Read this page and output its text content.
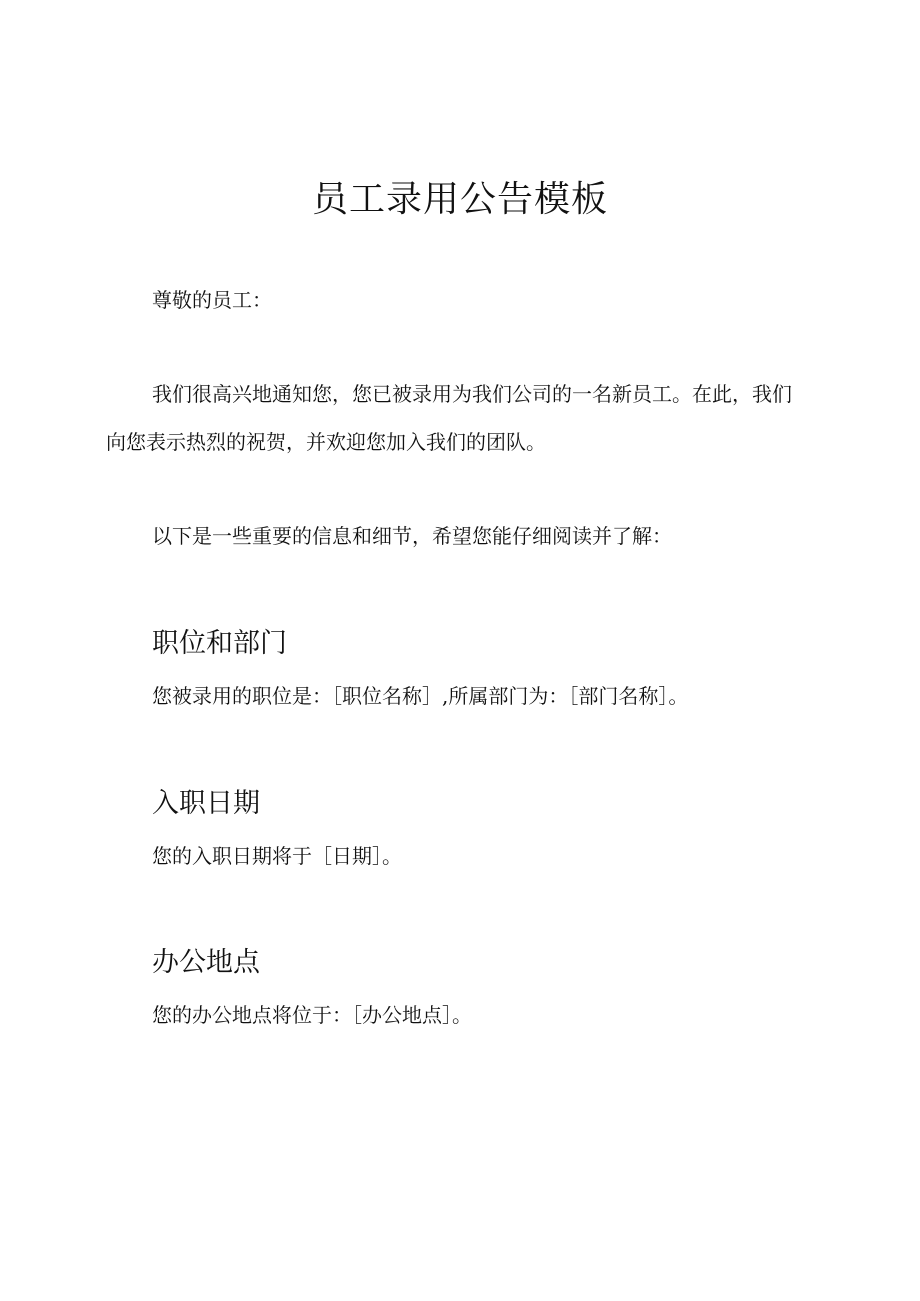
员工录用公告模板

尊敬的员工：

我们很高兴地通知您，您已被录用为我们公司的一名新员工。在此，我们向您表示热烈的祝贺，并欢迎您加入我们的团队。

以下是一些重要的信息和细节，希望您能仔细阅读并了解：

职位和部门

您被录用的职位是：［职位名称］,所属部门为：［部门名称］。

入职日期

您的入职日期将于［日期］。

办公地点

您的办公地点将位于：［办公地点］。
